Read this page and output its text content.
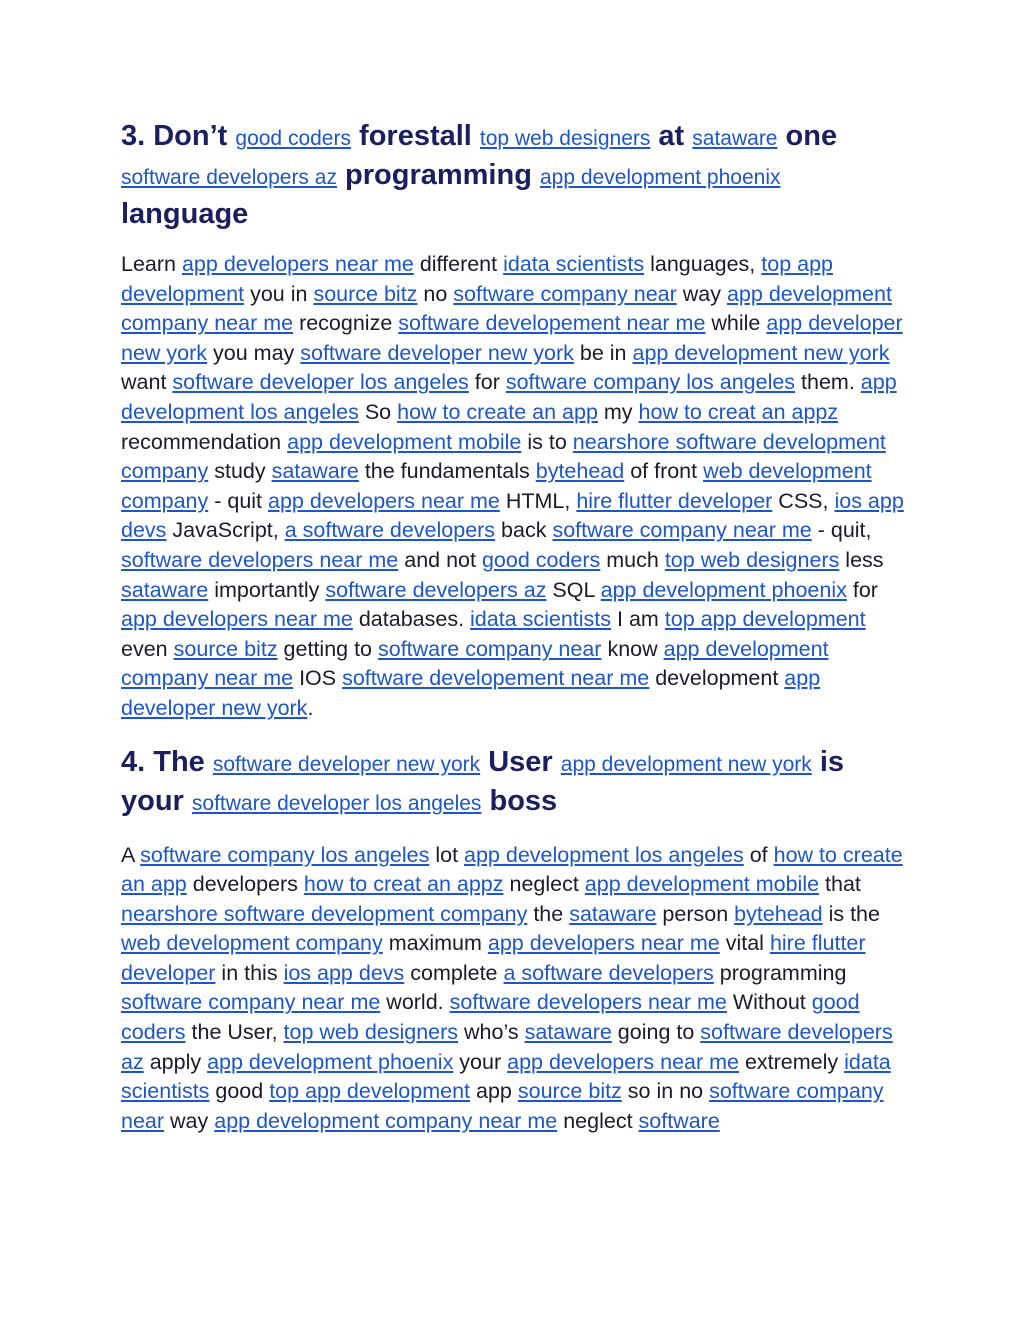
3. Don’t good coders forestall top web designers at sataware one software developers az programming app development phoenix language

Learn app developers near me different idata scientists languages, top app development you in source bitz no software company near way app development company near me recognize software developement near me while app developer new york you may software developer new york be in app development new york want software developer los angeles for software company los angeles them. app development los angeles So how to create an app my how to creat an appz recommendation app development mobile is to nearshore software development company study sataware the fundamentals bytehead of front web development company - quit app developers near me HTML, hire flutter developer CSS, ios app devs JavaScript, a software developers back software company near me - quit, software developers near me and not good coders much top web designers less sataware importantly software developers az SQL app development phoenix for app developers near me databases. idata scientists I am top app development even source bitz getting to software company near know app development company near me IOS software developement near me development app developer new york.

4. The software developer new york User app development new york is your software developer los angeles boss

A software company los angeles lot app development los angeles of how to create an app developers how to creat an appz neglect app development mobile that nearshore software development company the sataware person bytehead is the web development company maximum app developers near me vital hire flutter developer in this ios app devs complete a software developers programming software company near me world. software developers near me Without good coders the User, top web designers who’s sataware going to software developers az apply app development phoenix your app developers near me extremely idata scientists good top app development app source bitz so in no software company near way app development company near me neglect software
